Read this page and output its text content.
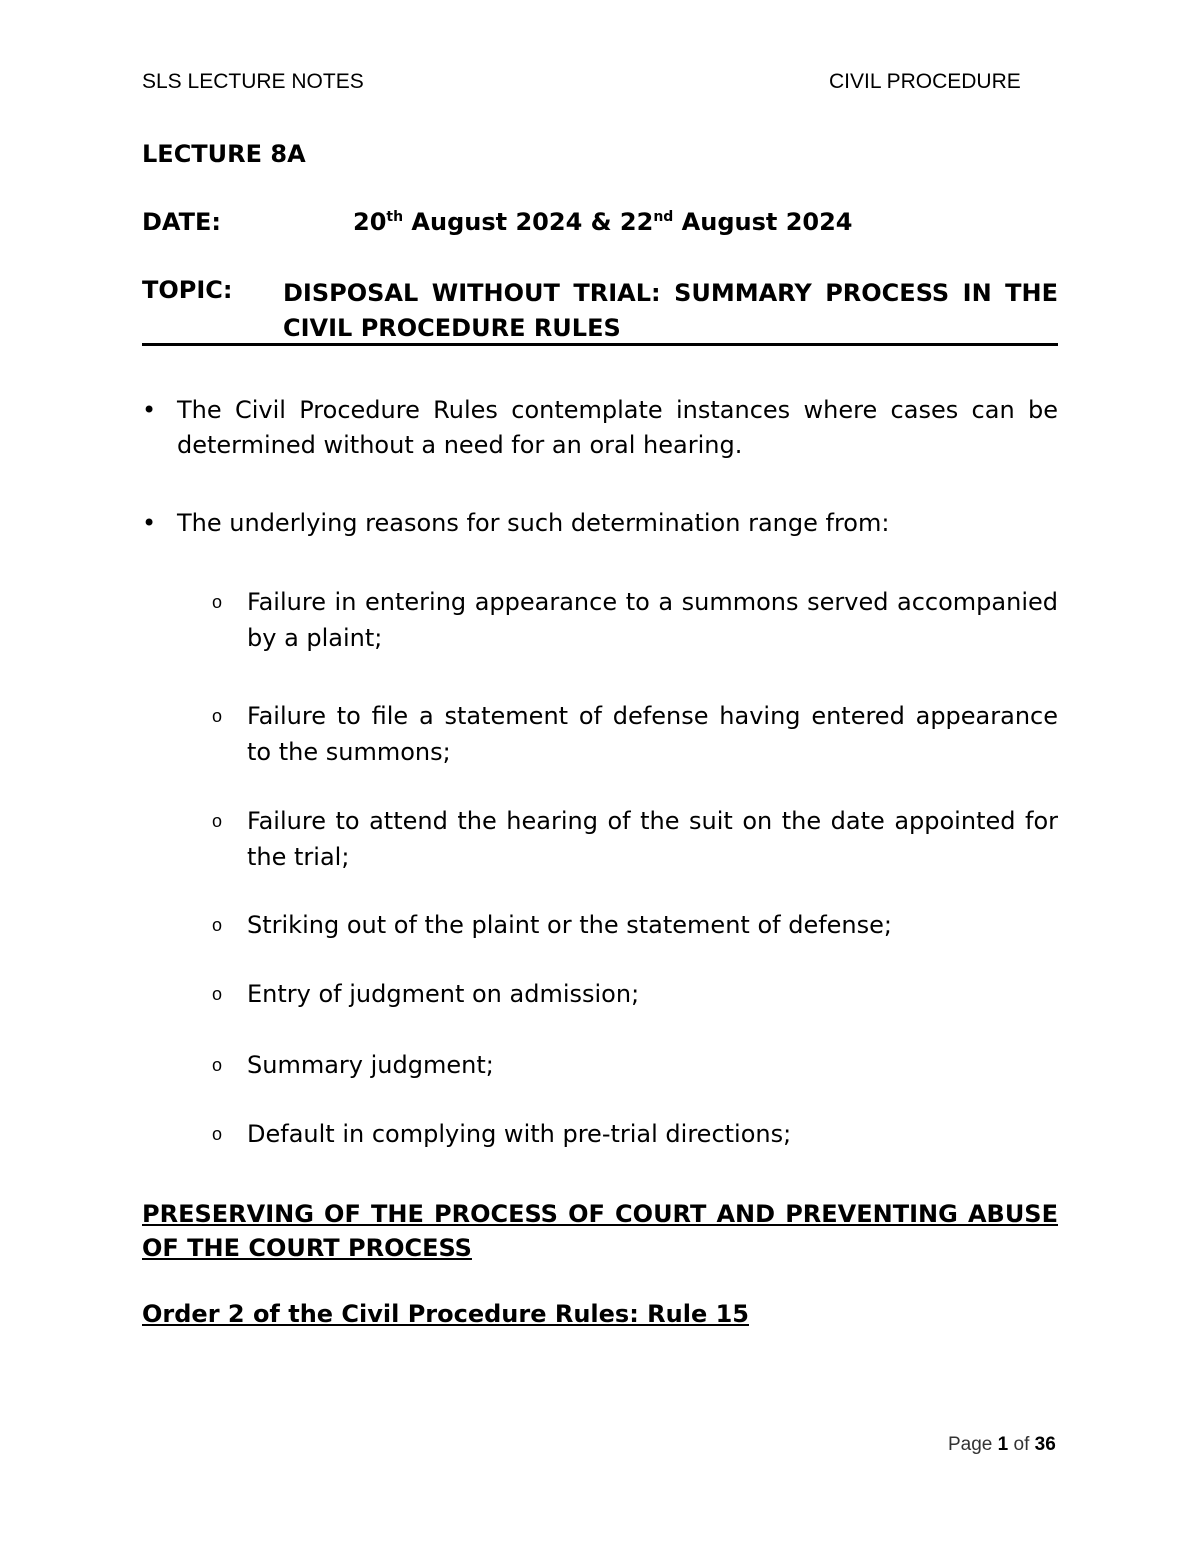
SLS LECTURE NOTES	CIVIL PROCEDURE
LECTURE 8A
DATE:	20th August 2024 & 22nd August 2024
TOPIC: DISPOSAL WITHOUT TRIAL: SUMMARY PROCESS IN THE CIVIL PROCEDURE RULES
• The Civil Procedure Rules contemplate instances where cases can be determined without a need for an oral hearing.
• The underlying reasons for such determination range from:
o Failure in entering appearance to a summons served accompanied by a plaint;
o Failure to file a statement of defense having entered appearance to the summons;
o Failure to attend the hearing of the suit on the date appointed for the trial;
o Striking out of the plaint or the statement of defense;
o Entry of judgment on admission;
o Summary judgment;
o Default in complying with pre-trial directions;
PRESERVING OF THE PROCESS OF COURT AND PREVENTING ABUSE OF THE COURT PROCESS
Order 2 of the Civil Procedure Rules: Rule 15
Page 1 of 36
